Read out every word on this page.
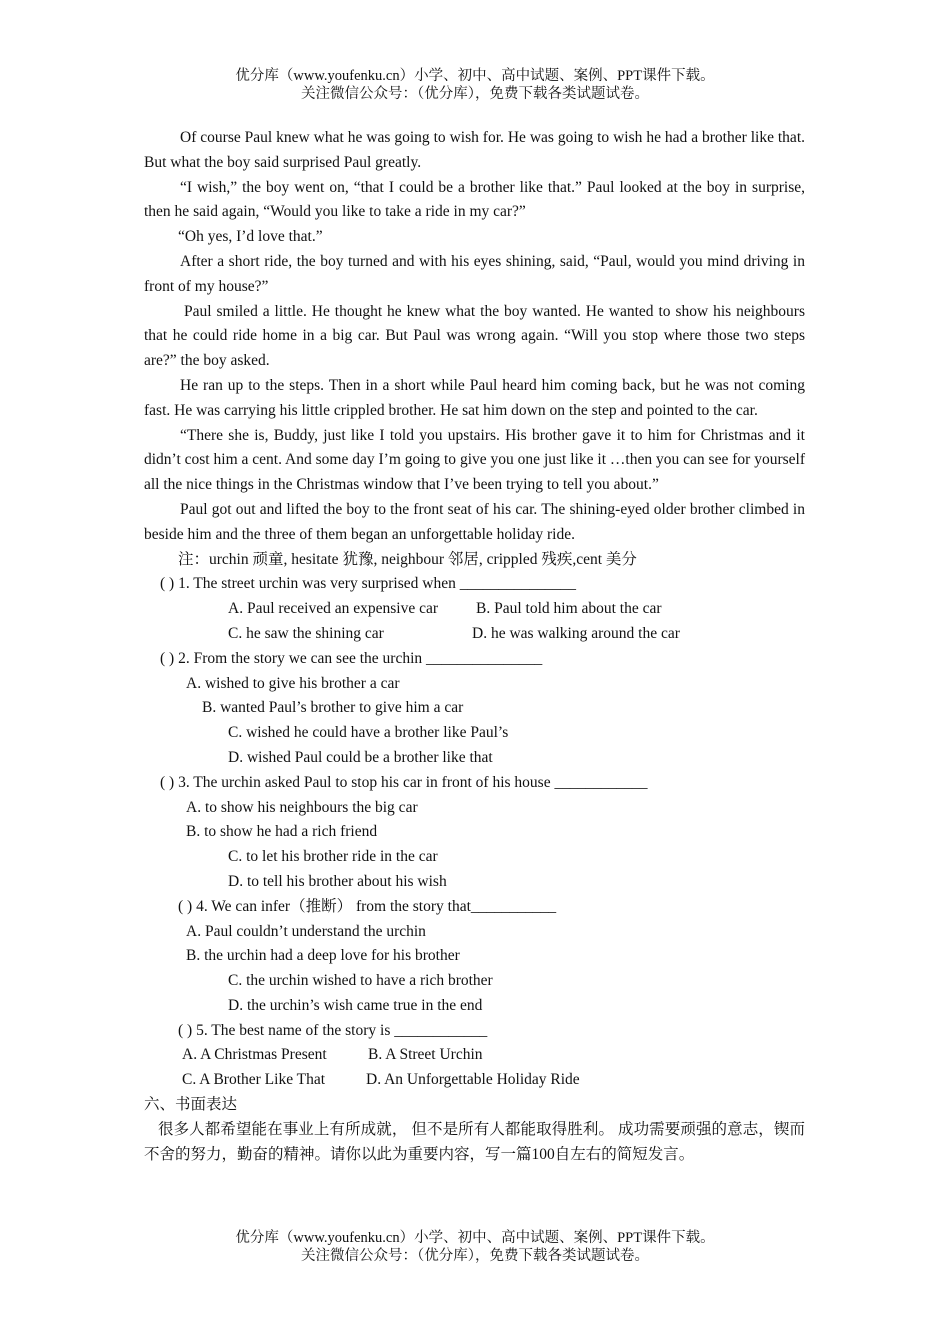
优分库（www.youfenku.cn）小学、初中、高中试题、案例、PPT课件下载。
关注微信公众号：（优分库），免费下载各类试题试卷。
Of course Paul knew what he was going to wish for. He was going to wish he had a brother like that. But what the boy said surprised Paul greatly.
“I wish,” the boy went on, “that I could be a brother like that.” Paul looked at the boy in surprise, then he said again, “Would you like to take a ride in my car?”
“Oh yes, I’d love that.”
After a short ride, the boy turned and with his eyes shining, said, “Paul, would you mind driving in front of my house?”
Paul smiled a little. He thought he knew what the boy wanted. He wanted to show his neighbours that he could ride home in a big car. But Paul was wrong again. “Will you stop where those two steps are?” the boy asked.
He ran up to the steps. Then in a short while Paul heard him coming back, but he was not coming fast. He was carrying his little crippled brother. He sat him down on the step and pointed to the car.
“There she is, Buddy, just like I told you upstairs. His brother gave it to him for Christmas and it didn’t cost him a cent. And some day I’m going to give you one just like it …then you can see for yourself all the nice things in the Christmas window that I’ve been trying to tell you about.”
Paul got out and lifted the boy to the front seat of his car. The shining-eyed older brother climbed in beside him and the three of them began an unforgettable holiday ride.
注：urchin 顽童, hesitate 犹豫, neighbour 邻居, crippled 残疾,cent 美分
( ) 1. The street urchin was very surprised when _______________
A. Paul received an expensive car	B. Paul told him about the car
C. he saw the shining car	D. he was walking around the car
( ) 2. From the story we can see the urchin _______________
A. wished to give his brother a car
B. wanted Paul’s brother to give him a car
C. wished he could have a brother like Paul’s
D. wished Paul could be a brother like that
( ) 3. The urchin asked Paul to stop his car in front of his house ____________
A. to show his neighbours the big car
B. to show he had a rich friend
C. to let his brother ride in the car
D. to tell his brother about his wish
( ) 4. We can infer（推断） from the story that___________
A. Paul couldn’t understand the urchin
B. the urchin had a deep love for his brother
C. the urchin wished to have a rich brother
D. the urchin’s wish came true in the end
( ) 5. The best name of the story is ____________
A. A Christmas Present	B. A Street Urchin
C. A Brother Like That	D. An Unforgettable Holiday Ride
六、书面表达
很多人都希望能在事业上有所成就， 但不是所有人都能取得胜利。 成功需要顽强的意志，锲而不舍的努力，勤奋的精神。请你以此为重要内容，写一篇100自左右的简短发言。
优分库（www.youfenku.cn）小学、初中、高中试题、案例、PPT课件下载。
关注微信公众号：（优分库），免费下载各类试题试卷。
